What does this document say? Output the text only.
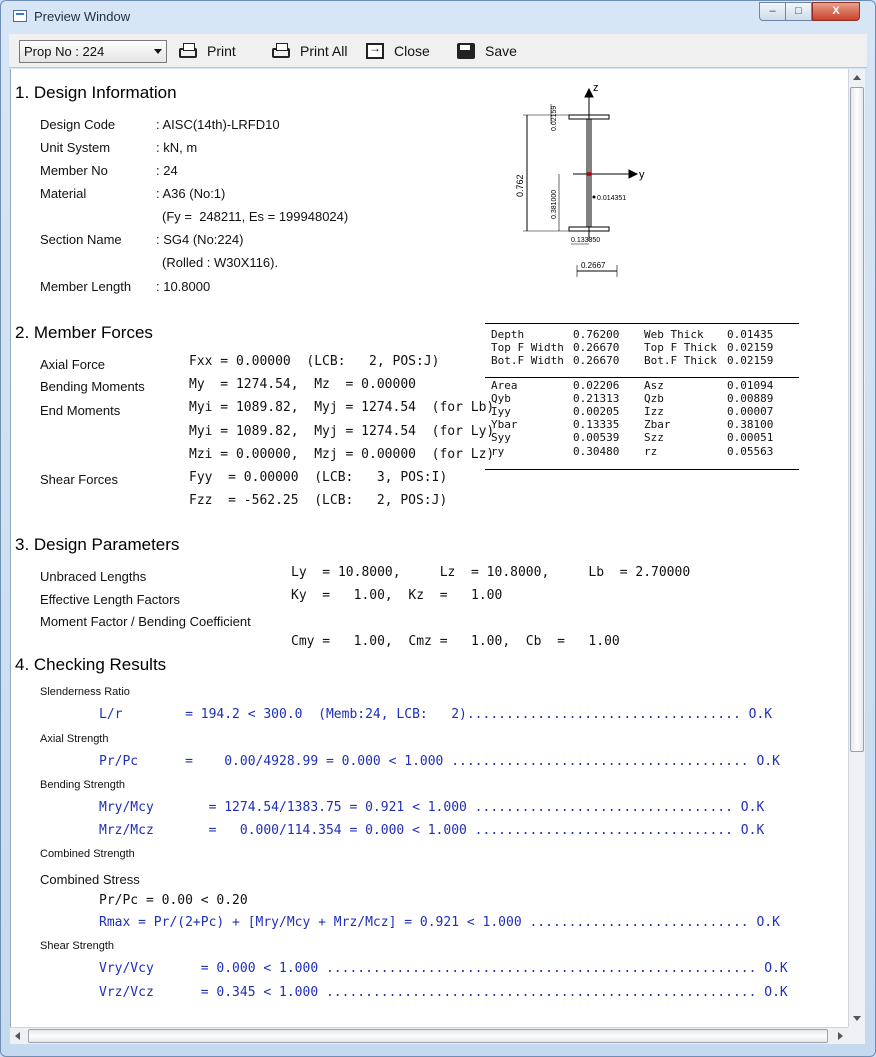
Preview Window	–	□	X
Prop No : 224	Print	Print All
→	Close	Save
1. Design Information
Design Code	: AISC(14th)-LRFD10
Unit System	: kN, m
Member No	: 24
Material	: A36 (No:1)
(Fy =  248211, Es = 199948024)
Section Name	: SG4 (No:224)
(Rolled : W30X116).
Member Length : 10.8000
z
y
0.762
0.02159
0.381000	0.014351
0.133350
0.2667
2. Member Forces
Axial Force
Bending Moments
End Moments
Shear Forces
Fxx = 0.00000  (LCB:   2, POS:J)
My  = 1274.54,  Mz  = 0.00000
Myi = 1089.82,  Myj = 1274.54  (for Lb)
Myi = 1089.82,  Myj = 1274.54  (for Ly)
Mzi = 0.00000,  Mzj = 0.00000  (for Lz)
Fyy  = 0.00000  (LCB:   3, POS:I)
Fzz  = -562.25  (LCB:   2, POS:J)
Depth	0.76200 Web Thick 0.01435
Top F Width 0.26670 Top F Thick 0.02159
Bot.F Width 0.26670 Bot.F Thick 0.02159
Area	0.02206 Asz	0.01094
Qyb	0.21313 Qzb	0.00889
Iyy	0.00205 Izz	0.00007
Ybar	0.13335 Zbar	0.38100
Syy	0.00539 Szz	0.00051
ry	0.30480 rz	0.05563
3. Design Parameters
Unbraced Lengths	Ly  = 10.8000,     Lz  = 10.8000,     Lb  = 2.70000
Effective Length Factors	Ky  =   1.00,  Kz  =   1.00
Moment Factor / Bending Coefficient
Cmy =   1.00,  Cmz =   1.00,  Cb  =   1.00
4. Checking Results
Slenderness Ratio
L/r        = 194.2 < 300.0  (Memb:24, LCB:   2)................................... O.K
Axial Strength
Pr/Pc      =    0.00/4928.99 = 0.000 < 1.000 ...................................... O.K
Bending Strength
Mry/Mcy       = 1274.54/1383.75 = 0.921 < 1.000 ................................. O.K
Mrz/Mcz       =   0.000/114.354 = 0.000 < 1.000 ................................. O.K
Combined Strength
Combined Stress
Pr/Pc = 0.00 < 0.20
Rmax = Pr/(2+Pc) + [Mry/Mcy + Mrz/Mcz] = 0.921 < 1.000 ............................ O.K
Shear Strength
Vry/Vcy      = 0.000 < 1.000 ....................................................... O.K
Vrz/Vcz      = 0.345 < 1.000 ....................................................... O.K
